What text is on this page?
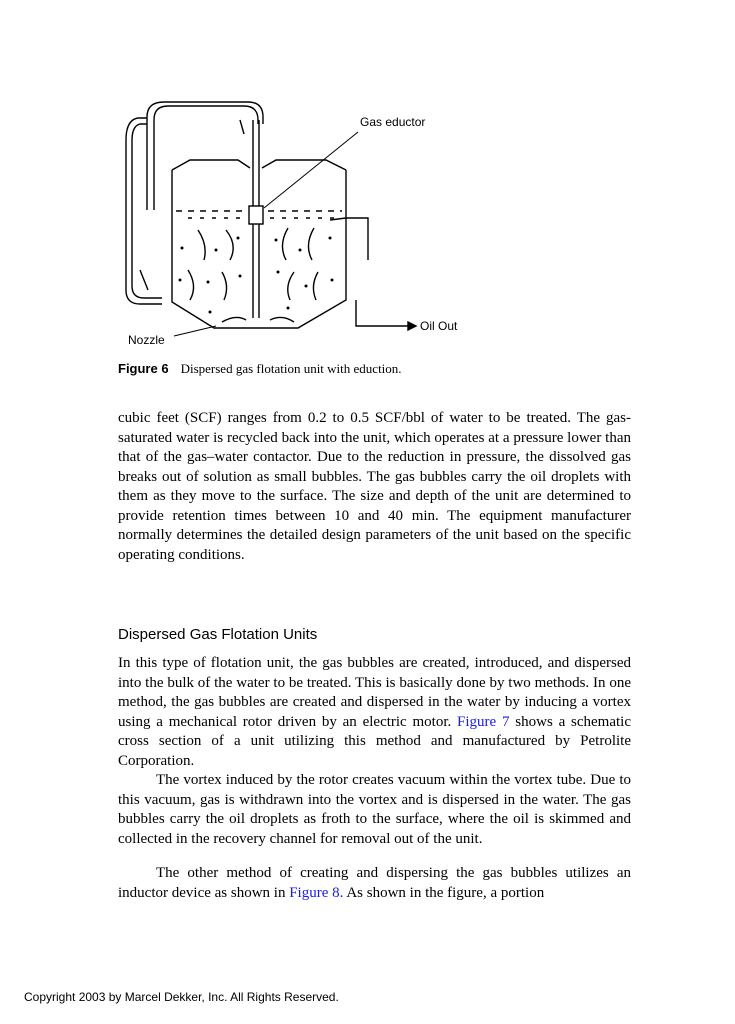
Gas eductor
Oil Out
Nozzle
Figure 6 Dispersed gas flotation unit with eduction.

cubic feet (SCF) ranges from 0.2 to 0.5 SCF/bbl of water to be treated. The gas-saturated water is recycled back into the unit, which operates at a pressure lower than that of the gas–water contactor. Due to the reduction in pressure, the dissolved gas breaks out of solution as small bubbles. The gas bubbles carry the oil droplets with them as they move to the surface. The size and depth of the unit are determined to provide retention times between 10 and 40 min. The equipment manufacturer normally determines the detailed design parameters of the unit based on the specific operating conditions.

Dispersed Gas Flotation Units

In this type of flotation unit, the gas bubbles are created, introduced, and dispersed into the bulk of the water to be treated. This is basically done by two methods. In one method, the gas bubbles are created and dispersed in the water by inducing a vortex using a mechanical rotor driven by an electric motor. Figure 7 shows a schematic cross section of a unit utilizing this method and manufactured by Petrolite Corporation.

The vortex induced by the rotor creates vacuum within the vortex tube. Due to this vacuum, gas is withdrawn into the vortex and is dispersed in the water. The gas bubbles carry the oil droplets as froth to the surface, where the oil is skimmed and collected in the recovery channel for removal out of the unit.

The other method of creating and dispersing the gas bubbles utilizes an inductor device as shown in Figure 8. As shown in the figure, a portion

Copyright 2003 by Marcel Dekker, Inc. All Rights Reserved.
